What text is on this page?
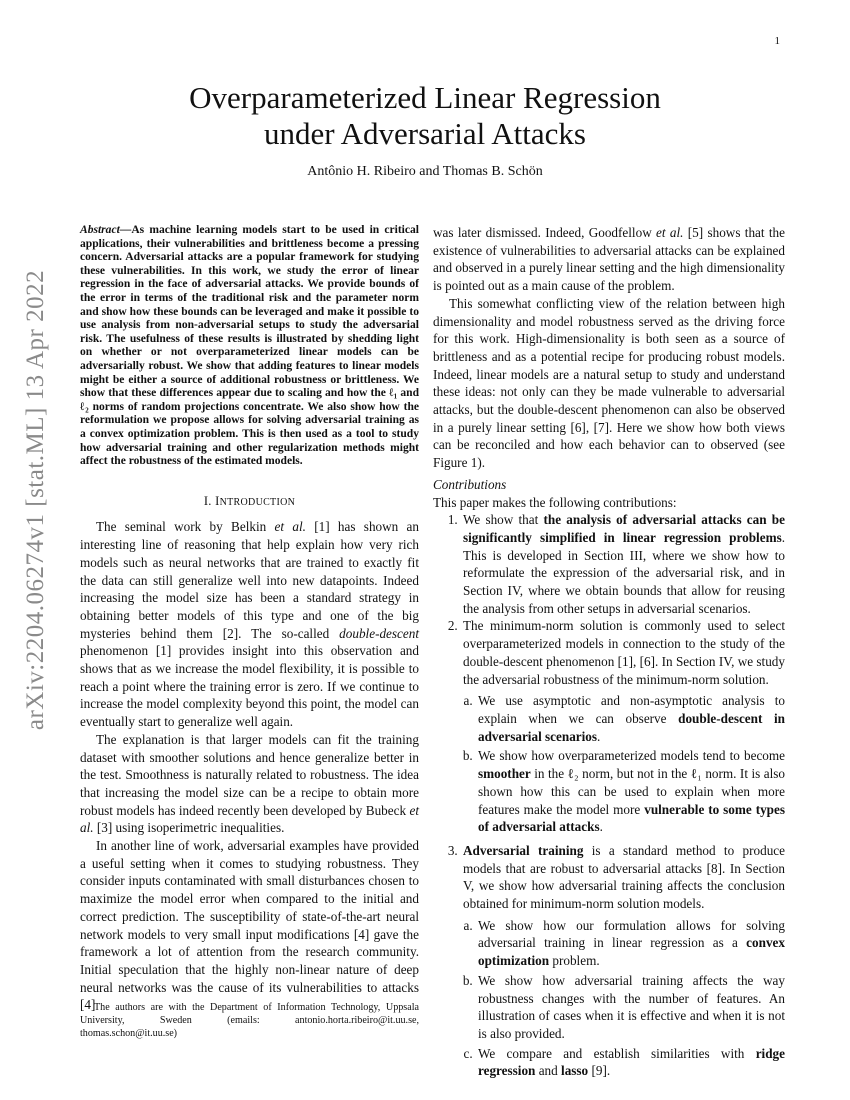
1
arXiv:2204.06274v1 [stat.ML] 13 Apr 2022
Overparameterized Linear Regression
under Adversarial Attacks
Antônio H. Ribeiro and Thomas B. Schön

Abstract—As machine learning models start to be used in critical applications, their vulnerabilities and brittleness become a pressing concern. Adversarial attacks are a popular framework for studying these vulnerabilities. In this work, we study the error of linear regression in the face of adversarial attacks. We provide bounds of the error in terms of the traditional risk and the parameter norm and show how these bounds can be leveraged and make it possible to use analysis from non-adversarial setups to study the adversarial risk. The usefulness of these results is illustrated by shedding light on whether or not overparameterized linear models can be adversarially robust. We show that adding features to linear models might be either a source of additional robustness or brittleness. We show that these differences appear due to scaling and how the ℓ₁ and ℓ₂ norms of random projections concentrate. We also show how the reformulation we propose allows for solving adversarial training as a convex optimization problem. This is then used as a tool to study how adversarial training and other regularization methods might affect the robustness of the estimated models.

I. INTRODUCTION

The seminal work by Belkin et al. [1] has shown an interesting line of reasoning that help explain how very rich models such as neural networks that are trained to exactly fit the data can still generalize well into new datapoints. Indeed increasing the model size has been a standard strategy in obtaining better models of this type and one of the big mysteries behind them [2]. The so-called double-descent phenomenon [1] provides insight into this observation and shows that as we increase the model flexibility, it is possible to reach a point where the training error is zero. If we continue to increase the model complexity beyond this point, the model can eventually start to generalize well again.

The explanation is that larger models can fit the training dataset with smoother solutions and hence generalize better in the test. Smoothness is naturally related to robustness. The idea that increasing the model size can be a recipe to obtain more robust models has indeed recently been developed by Bubeck et al. [3] using isoperimetric inequalities.

In another line of work, adversarial examples have provided a useful setting when it comes to studying robustness. They consider inputs contaminated with small disturbances chosen to maximize the model error when compared to the initial and correct prediction. The susceptibility of state-of-the-art neural network models to very small input modifications [4] gave the framework a lot of attention from the research community. Initial speculation that the highly non-linear nature of deep neural networks was the cause of its vulnerabilities to attacks [4]

The authors are with the Department of Information Technology, Uppsala University, Sweden (emails: antonio.horta.ribeiro@it.uu.se, thomas.schon@it.uu.se)

was later dismissed. Indeed, Goodfellow et al. [5] shows that the existence of vulnerabilities to adversarial attacks can be explained and observed in a purely linear setting and the high dimensionality is pointed out as a main cause of the problem.

This somewhat conflicting view of the relation between high dimensionality and model robustness served as the driving force for this work. High-dimensionality is both seen as a source of brittleness and as a potential recipe for producing robust models. Indeed, linear models are a natural setup to study and understand these ideas: not only can they be made vulnerable to adversarial attacks, but the double-descent phenomenon can also be observed in a purely linear setting [6], [7]. Here we show how both views can be reconciled and how each behavior can to observed (see Figure 1).

Contributions

This paper makes the following contributions:

1. We show that the analysis of adversarial attacks can be significantly simplified in linear regression problems. This is developed in Section III, where we show how to reformulate the expression of the adversarial risk, and in Section IV, where we obtain bounds that allow for reusing the analysis from other setups in adversarial scenarios.
2. The minimum-norm solution is commonly used to select overparameterized models in connection to the study of the double-descent phenomenon [1], [6]. In Section IV, we study the adversarial robustness of the minimum-norm solution.
a. We use asymptotic and non-asymptotic analysis to explain when we can observe double-descent in adversarial scenarios.
b. We show how overparameterized models tend to become smoother in the ℓ₂ norm, but not in the ℓ₁ norm. It is also shown how this can be used to explain when more features make the model more vulnerable to some types of adversarial attacks.
3. Adversarial training is a standard method to produce models that are robust to adversarial attacks [8]. In Section V, we show how adversarial training affects the conclusion obtained for minimum-norm solution models.
a. We show how our formulation allows for solving adversarial training in linear regression as a convex optimization problem.
b. We show how adversarial training affects the way robustness changes with the number of features. An illustration of cases when it is effective and when it is not is also provided.
c. We compare and establish similarities with ridge regression and lasso [9].
